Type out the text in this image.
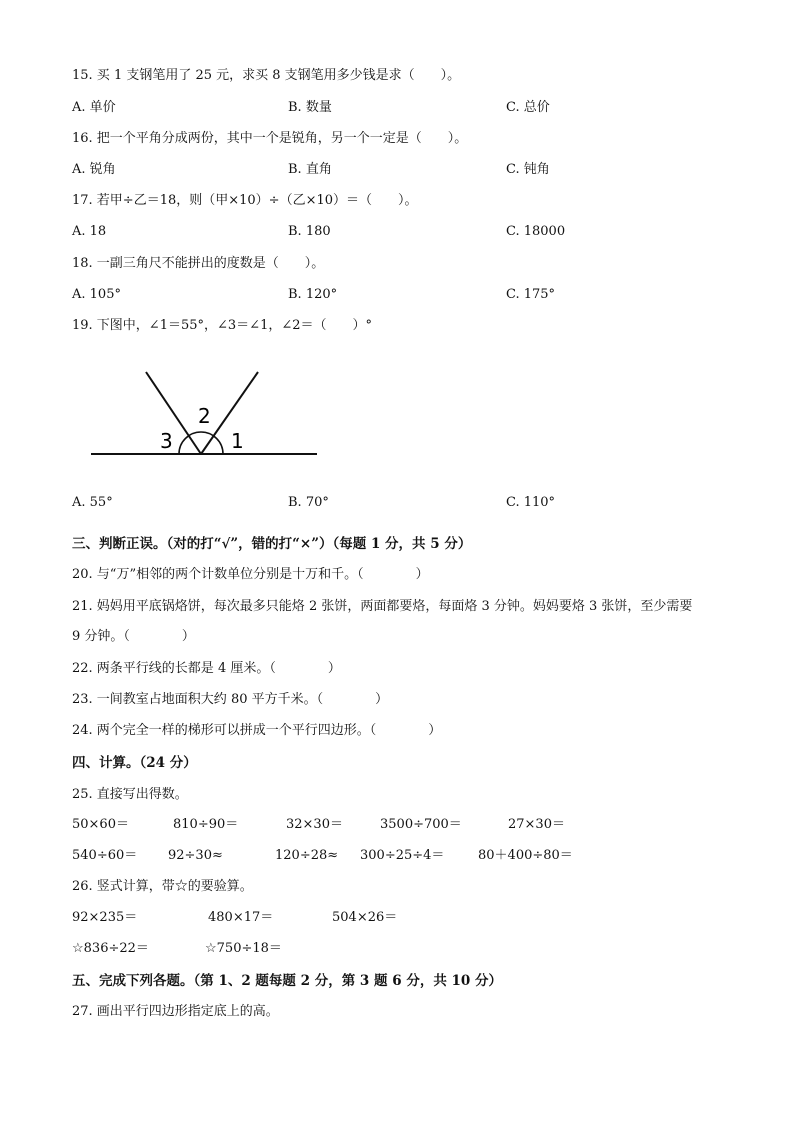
15. 买 1 支钢笔用了 25 元，求买 8 支钢笔用多少钱是求（　　）。
A. 单价	B. 数量	C. 总价
16. 把一个平角分成两份，其中一个是锐角，另一个一定是（　　）。
A. 锐角	B. 直角	C. 钝角
17. 若甲÷乙＝18，则（甲×10）÷（乙×10）＝（　　）。
A. 18	B. 180	C. 18000
18. 一副三角尺不能拼出的度数是（　　）。
A. 105°	B. 120°	C. 175°
19. 下图中，∠1＝55°，∠3＝∠1，∠2＝（　　）°
2
3	1
A. 55°	B. 70°	C. 110°
三、判断正误。（对的打“√”，错的打“×”）（每题 1 分，共 5 分）
20. 与“万”相邻的两个计数单位分别是十万和千。（　　　　）
21. 妈妈用平底锅烙饼，每次最多只能烙 2 张饼，两面都要烙，每面烙 3 分钟。妈妈要烙 3 张饼，至少需要
9 分钟。（　　　　）
22. 两条平行线的长都是 4 厘米。（　　　　）
23. 一间教室占地面积大约 80 平方千米。（　　　　）
24. 两个完全一样的梯形可以拼成一个平行四边形。（　　　　）
四、计算。（24 分）
25. 直接写出得数。
50×60＝	810÷90＝	32×30＝	3500÷700＝	27×30＝
540÷60＝ 92÷30≈	120÷28≈ 300÷25÷4＝	80＋400÷80＝
26. 竖式计算，带☆的要验算。
92×235＝	480×17＝	504×26＝
☆836÷22＝	☆750÷18＝
五、完成下列各题。（第 1、2 题每题 2 分，第 3 题 6 分，共 10 分）
27. 画出平行四边形指定底上的高。
